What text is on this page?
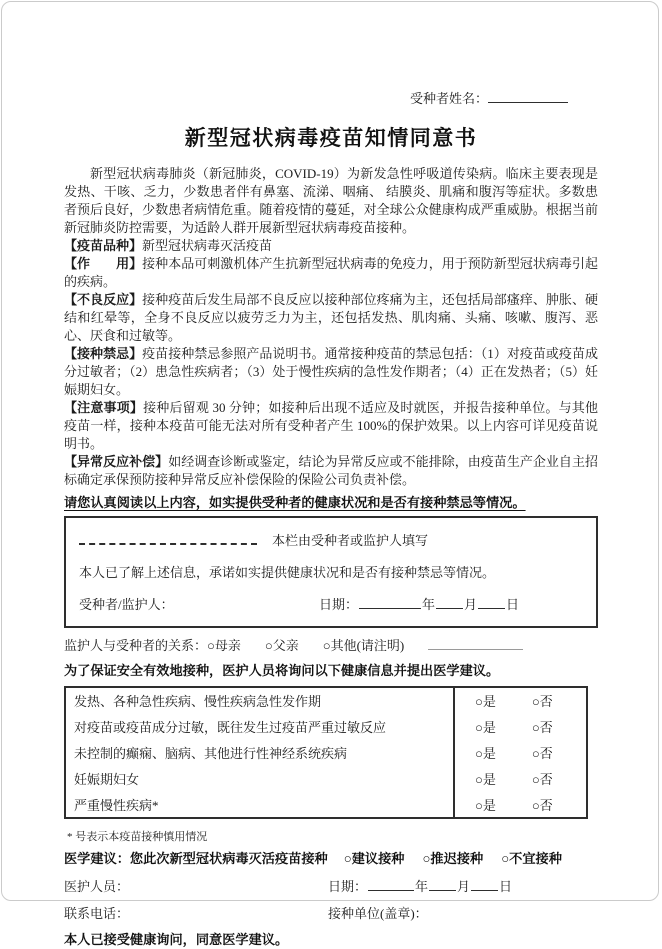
受种者姓名：
新型冠状病毒疫苗知情同意书

新型冠状病毒肺炎（新冠肺炎，COVID-19）为新发急性呼吸道传染病。临床主要表现是发热、干咳、乏力，少数患者伴有鼻塞、流涕、咽痛、 结膜炎、肌痛和腹泻等症状。多数患者预后良好，少数患者病情危重。随着疫情的蔓延，对全球公众健康构成严重威胁。根据当前新冠肺炎防控需要，为适龄人群开展新型冠状病毒疫苗接种。

【疫苗品种】新型冠状病毒灭活疫苗

【作　　用】接种本品可刺激机体产生抗新型冠状病毒的免疫力，用于预防新型冠状病毒引起的疾病。

【不良反应】接种疫苗后发生局部不良反应以接种部位疼痛为主，还包括局部瘙痒、肿胀、硬结和红晕等，全身不良反应以疲劳乏力为主，还包括发热、肌肉痛、头痛、咳嗽、腹泻、恶心、厌食和过敏等。

【接种禁忌】疫苗接种禁忌参照产品说明书。通常接种疫苗的禁忌包括：（1）对疫苗或疫苗成分过敏者；（2）患急性疾病者；（3）处于慢性疾病的急性发作期者；（4）正在发热者；（5）妊娠期妇女。

【注意事项】接种后留观 30 分钟；如接种后出现不适应及时就医，并报告接种单位。与其他疫苗一样，接种本疫苗可能无法对所有受种者产生 100%的保护效果。以上内容可详见疫苗说明书。

【异常反应补偿】如经调查诊断或鉴定，结论为异常反应或不能排除，由疫苗生产企业自主招标确定承保预防接种异常反应补偿保险的保险公司负责补偿。

请您认真阅读以上内容，如实提供受种者的健康状况和是否有接种禁忌等情况。
本栏由受种者或监护人填写
本人已了解上述信息，承诺如实提供健康状况和是否有接种禁忌等情况。
受种者/监护人：	日期：	年 月 日
监护人与受种者的关系：○母亲 ○父亲 ○其他(请注明)
为了保证安全有效地接种，医护人员将询问以下健康信息并提出医学建议。
发热、各种急性疾病、慢性疾病急性发作期	○是	○否
对疫苗或疫苗成分过敏，既往发生过疫苗严重过敏反应	○是	○否
未控制的癫痫、脑病、其他进行性神经系统疾病	○是	○否
妊娠期妇女	○是	○否
严重慢性疾病*	○是	○否
* 号表示本疫苗接种慎用情况
医学建议：您此次新型冠状病毒灭活疫苗接种 ○建议接种 ○推迟接种 ○不宜接种
医护人员：	日期：	年 月 日
联系电话：	接种单位(盖章)：
本人已接受健康询问，同意医学建议。
